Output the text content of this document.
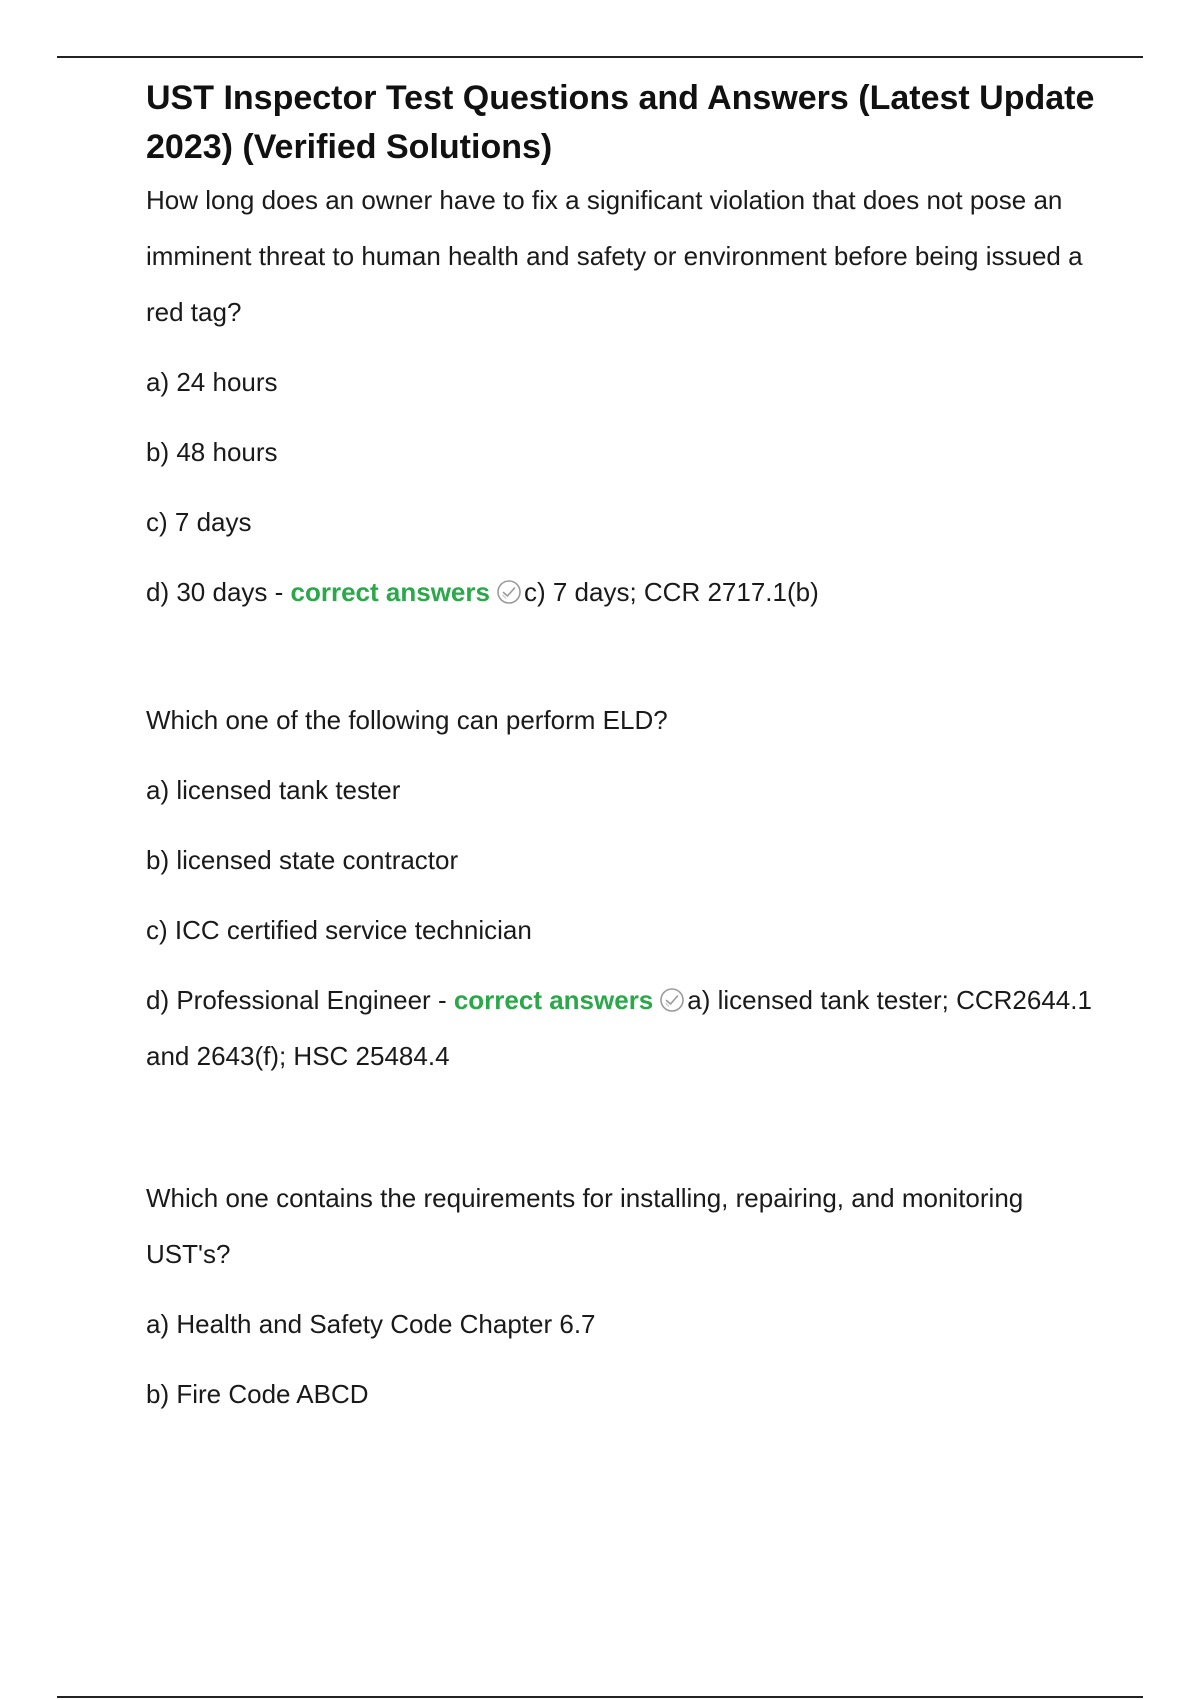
UST Inspector Test Questions and Answers (Latest Update 2023) (Verified Solutions)

How long does an owner have to fix a significant violation that does not pose an imminent threat to human health and safety or environment before being issued a red tag?

a) 24 hours

b) 48 hours

c) 7 days

d) 30 days - correct answers c) 7 days; CCR 2717.1(b)

Which one of the following can perform ELD?

a) licensed tank tester

b) licensed state contractor

c) ICC certified service technician

d) Professional Engineer - correct answers a) licensed tank tester; CCR2644.1 and 2643(f); HSC 25484.4

Which one contains the requirements for installing, repairing, and monitoring UST's?

a) Health and Safety Code Chapter 6.7

b) Fire Code ABCD
